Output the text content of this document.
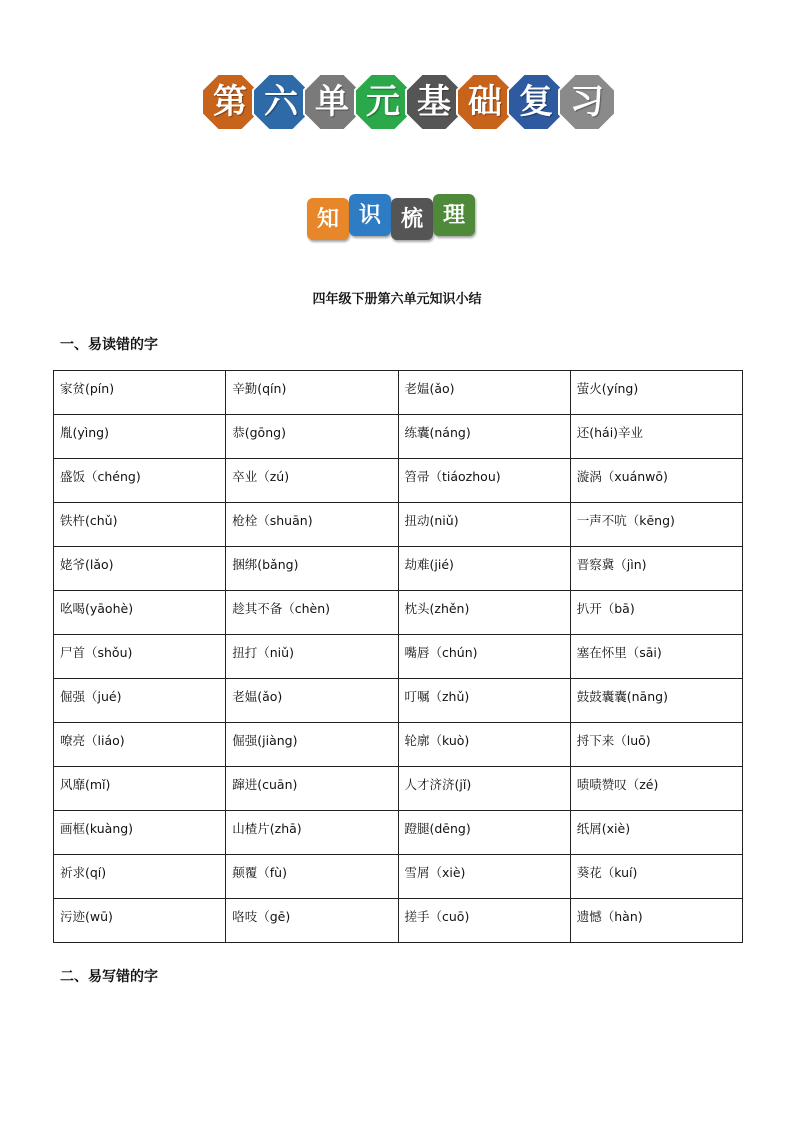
第 六 单 元 基 础 复 习
知 识 梳 理
四年级下册第六单元知识小结
一、易读错的字
家贫(pín)	辛勤(qín)	老媪(ǎo)	萤火(yíng)
胤(yìng)	恭(gōng)	练囊(náng)	还(hái)辛业
盛饭（chéng)	卒业（zú)	笤帚（tiáozhou)	漩涡（xuánwō)
铁杵(chǔ)	枪栓（shuān)	扭动(niǔ)	一声不吭（kēng)
姥爷(lǎo)	捆绑(bǎng)	劫难(jié)	晋察冀（jìn)
吆喝(yāohè)	趁其不备（chèn)	枕头(zhěn)	扒开（bā)
尸首（shǒu)	扭打（niǔ)	嘴唇（chún)	塞在怀里（sāi)
倔强（jué)	老媪(ǎo)	叮嘱（zhǔ)	鼓鼓囊囊(nāng)
嘹亮（liáo)	倔强(jiàng)	轮廓（kuò)	捋下来（luō)
风靡(mǐ)	蹿进(cuān)	人才济济(jǐ)	啧啧赞叹（zé)
画框(kuàng)	山楂片(zhā)	蹬腿(dēng)	纸屑(xiè)
祈求(qí)	颠覆（fù)	雪屑（xiè)	葵花（kuí)
污迹(wū)	咯吱（gē)	搓手（cuō)	遗憾（hàn)
二、易写错的字
